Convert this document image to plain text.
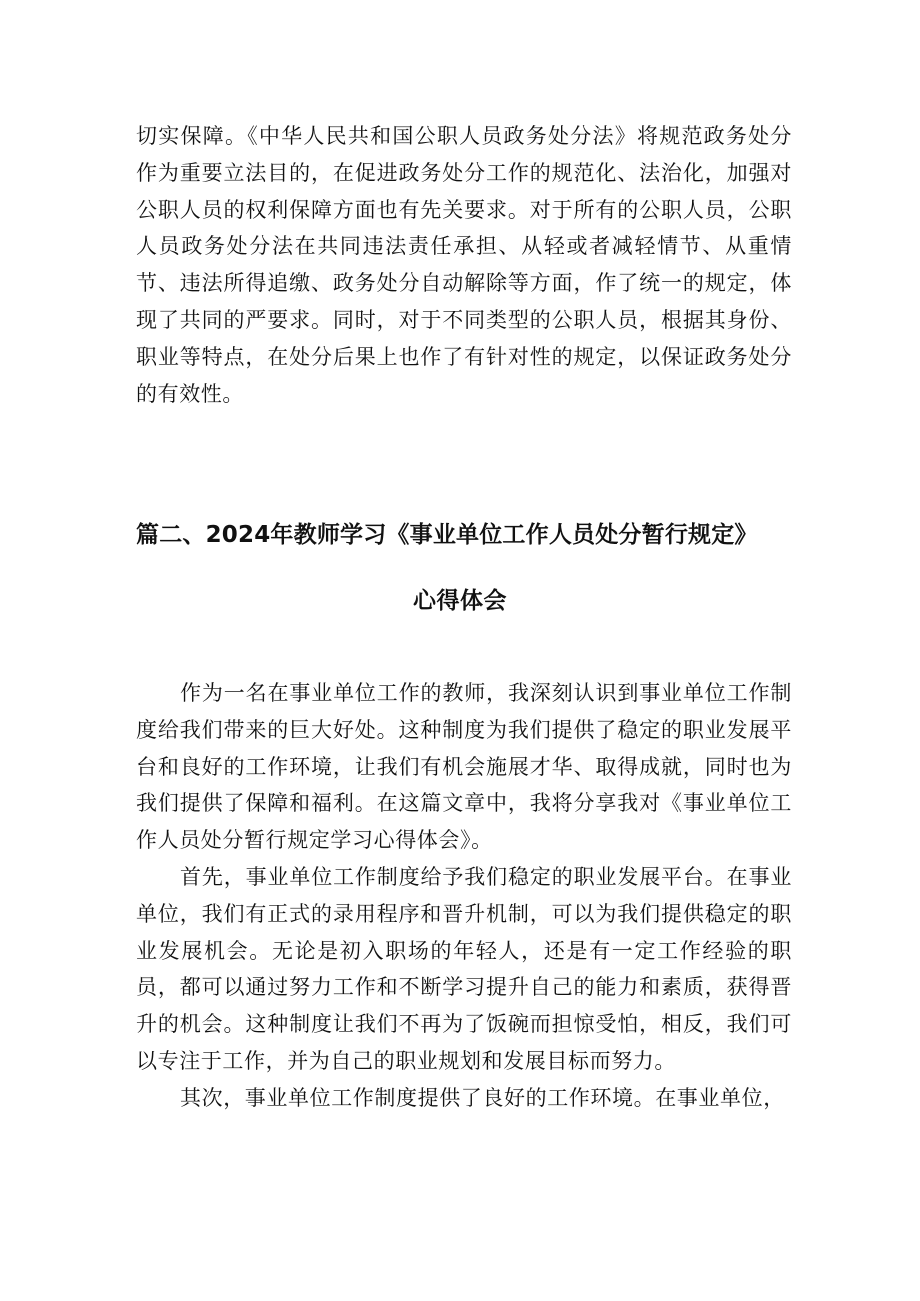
切实保障。《中华人民共和国公职人员政务处分法》将规范政务处分作为重要立法目的，在促进政务处分工作的规范化、法治化，加强对公职人员的权利保障方面也有先关要求。对于所有的公职人员，公职人员政务处分法在共同违法责任承担、从轻或者减轻情节、从重情节、违法所得追缴、政务处分自动解除等方面，作了统一的规定，体现了共同的严要求。同时，对于不同类型的公职人员，根据其身份、职业等特点，在处分后果上也作了有针对性的规定，以保证政务处分的有效性。

篇二、2024年教师学习《事业单位工作人员处分暂行规定》
心得体会

作为一名在事业单位工作的教师，我深刻认识到事业单位工作制度给我们带来的巨大好处。这种制度为我们提供了稳定的职业发展平台和良好的工作环境，让我们有机会施展才华、取得成就，同时也为我们提供了保障和福利。在这篇文章中，我将分享我对《事业单位工作人员处分暂行规定学习心得体会》。

首先，事业单位工作制度给予我们稳定的职业发展平台。在事业单位，我们有正式的录用程序和晋升机制，可以为我们提供稳定的职业发展机会。无论是初入职场的年轻人，还是有一定工作经验的职员，都可以通过努力工作和不断学习提升自己的能力和素质，获得晋升的机会。这种制度让我们不再为了饭碗而担惊受怕，相反，我们可以专注于工作，并为自己的职业规划和发展目标而努力。

其次，事业单位工作制度提供了良好的工作环境。在事业单位，
